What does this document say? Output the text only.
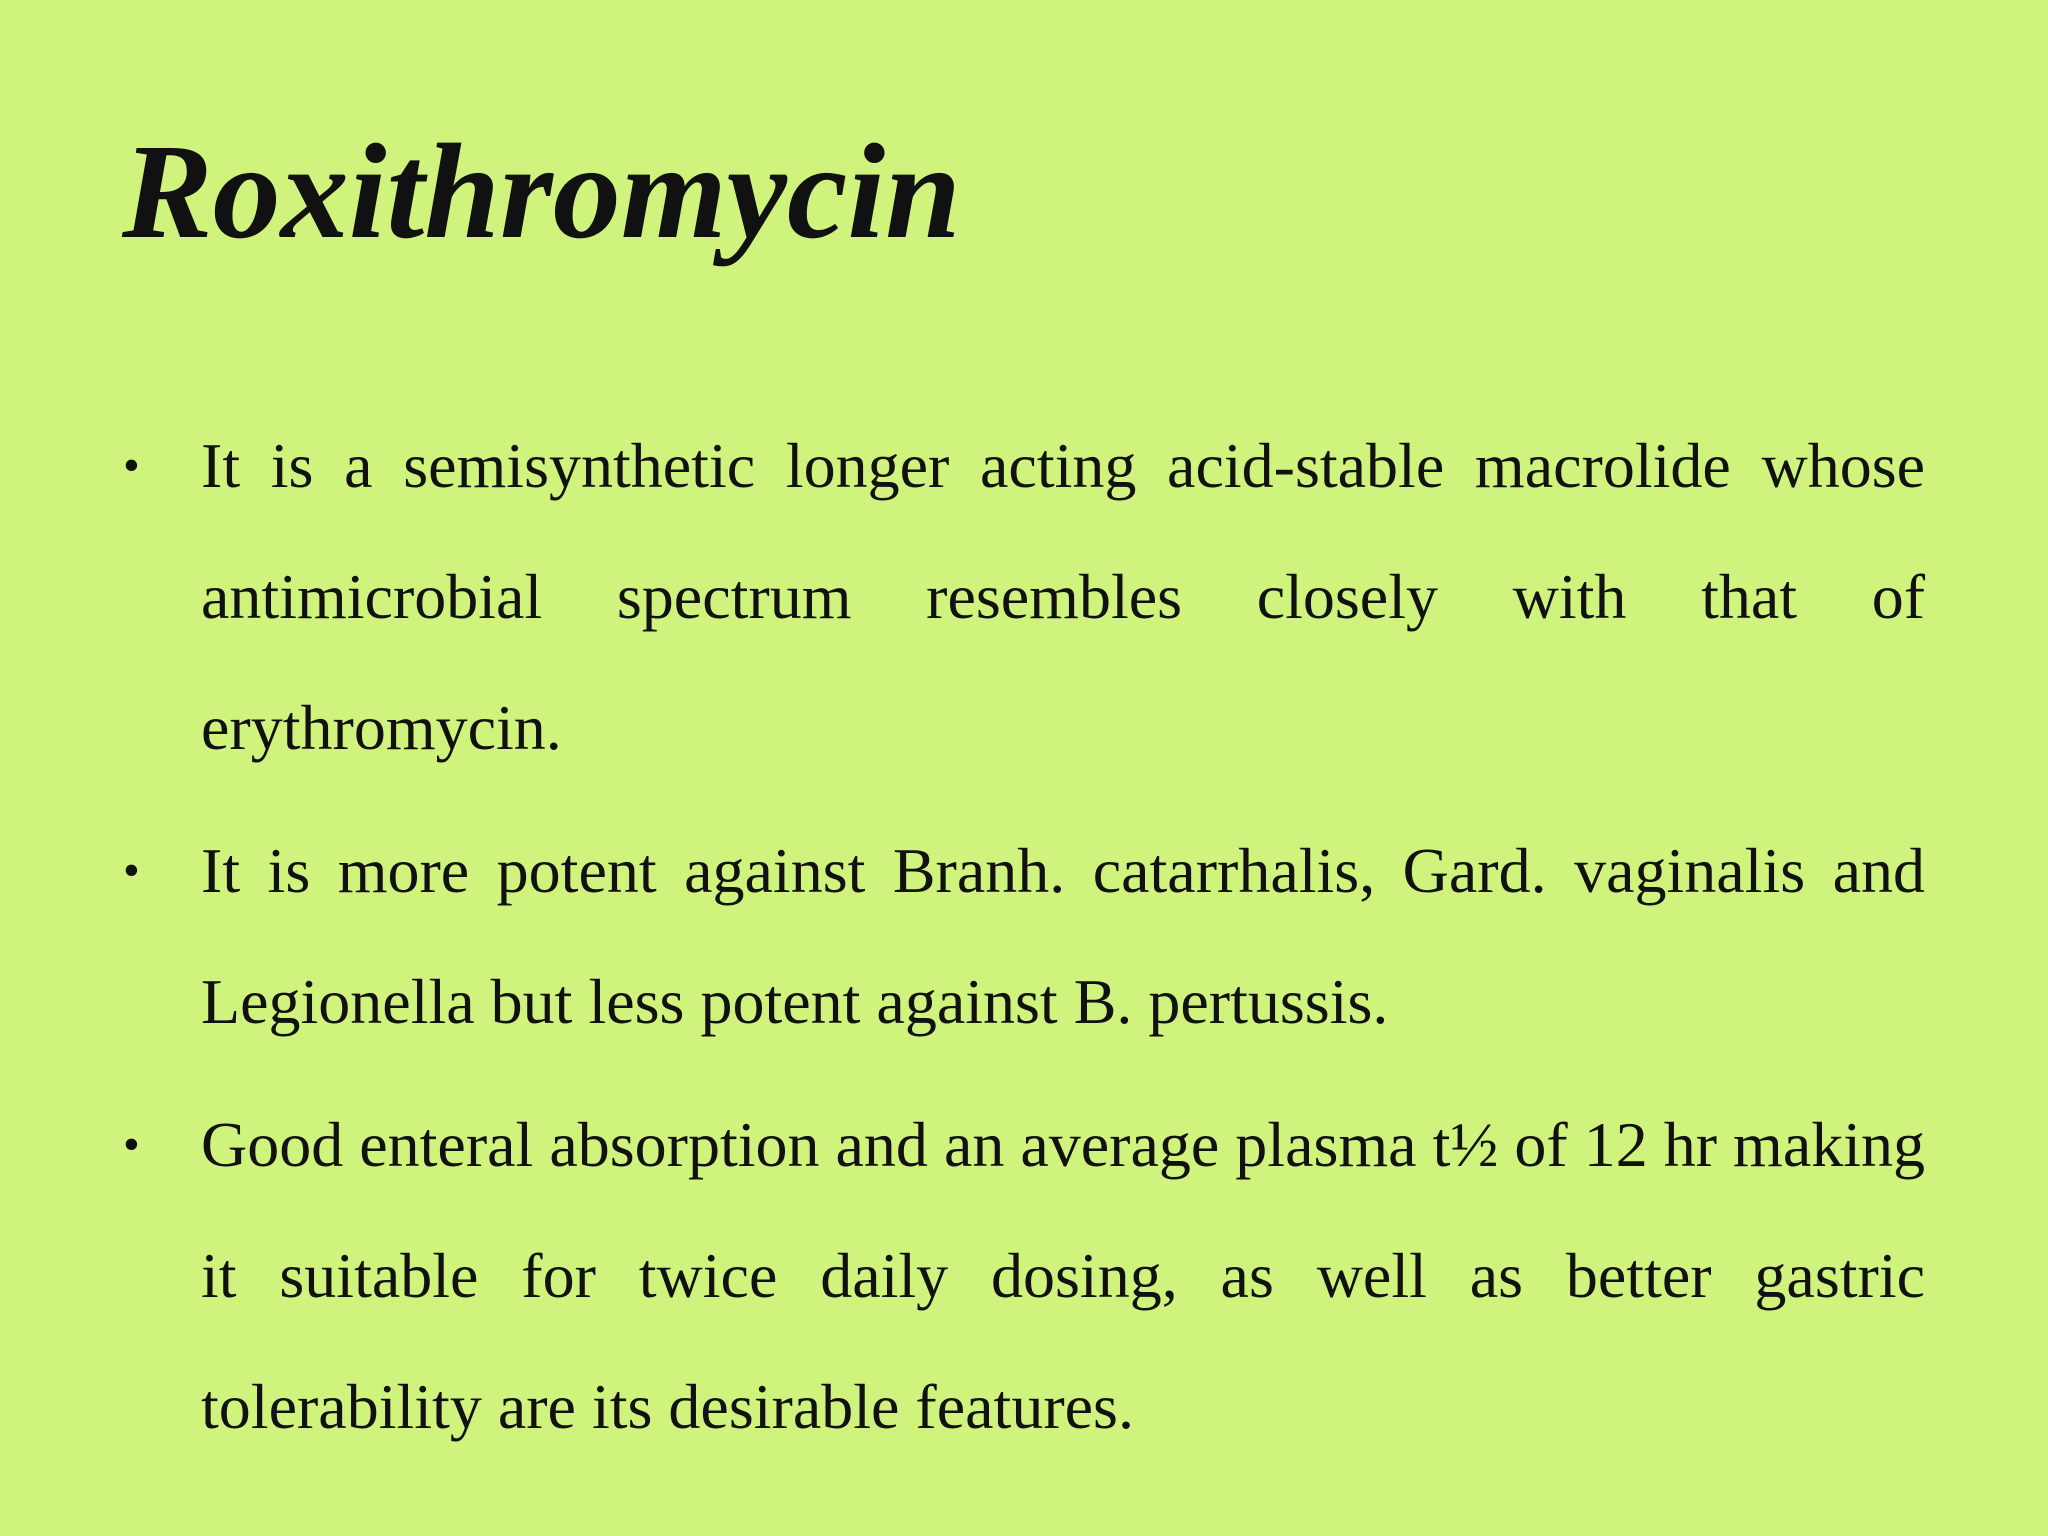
Roxithromycin
• It is a semisynthetic longer acting acid-stable macrolide whose antimicrobial spectrum resembles closely with that of erythromycin.
• It is more potent against Branh. catarrhalis, Gard. vaginalis and Legionella but less potent against B. pertussis.
• Good enteral absorption and an average plasma t½ of 12 hr making it suitable for twice daily dosing, as well as better gastric tolerability are its desirable features.
